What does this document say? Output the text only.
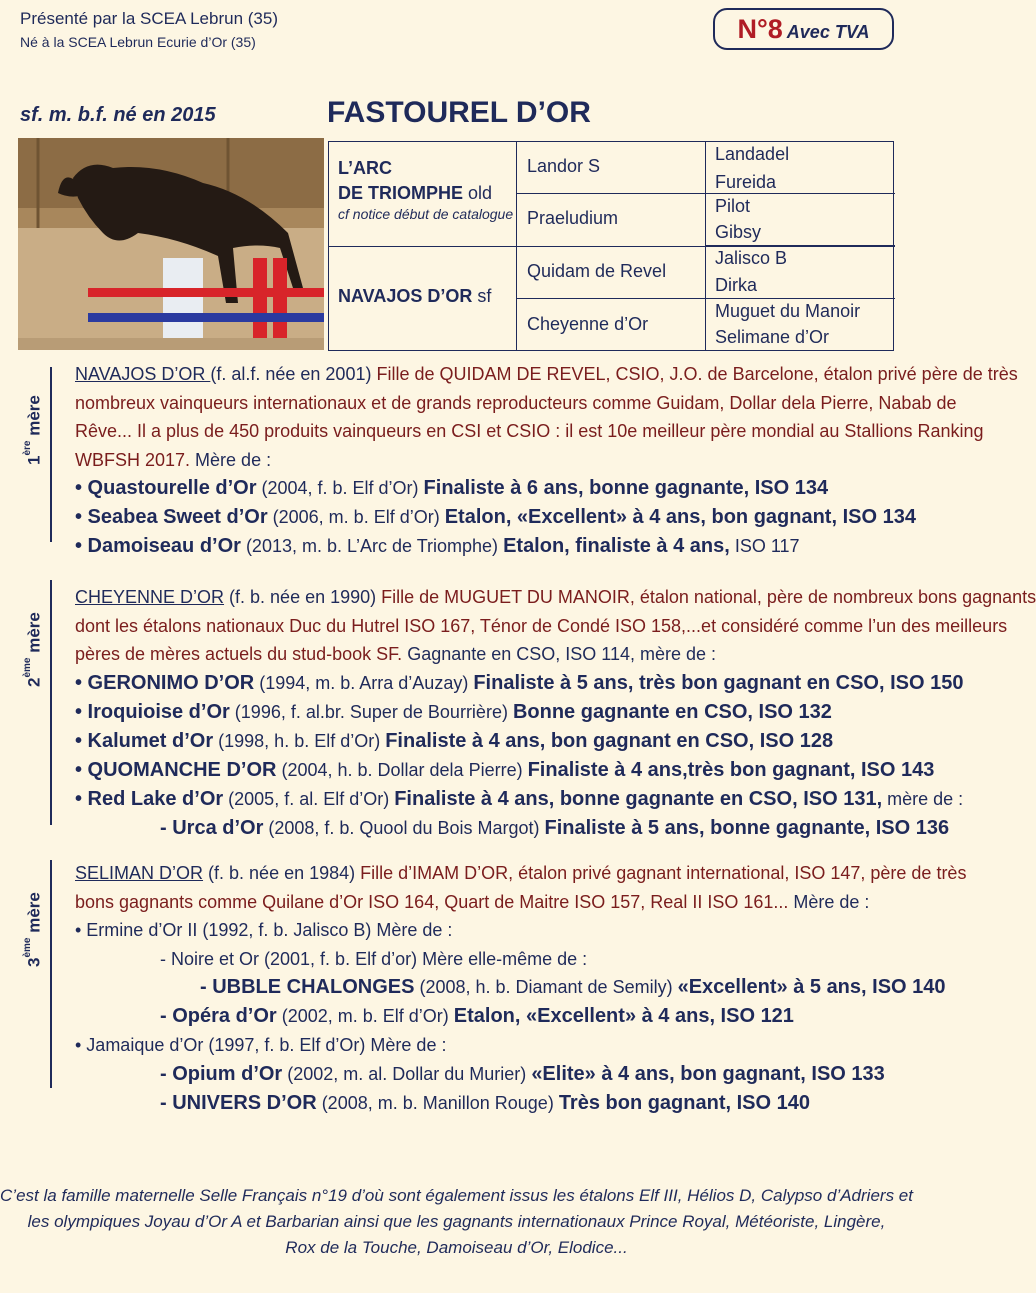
Présenté par la SCEA Lebrun (35)
Né à la SCEA Lebrun Ecurie d’Or (35)	N°8 Avec TVA
sf. m. b.f. né en 2015	FASTOUREL D’OR
L’ARC
DE TRIOMPHE old
cf notice début de catalogue
NAVAJOS D’OR sf
Landor S
Praeludium
Quidam de Revel
Cheyenne d’Or
Landadel
Fureida
Pilot
Gibsy
Jalisco B
Dirka
Muguet du Manoir
Selimane d’Or
1ère mère
NAVAJOS D’OR (f. al.f. née en 2001) Fille de QUIDAM DE REVEL, CSIO, J.O. de Barcelone, étalon privé père de très
nombreux vainqueurs internationaux et de grands reproducteurs comme Guidam, Dollar dela Pierre, Nabab de
Rêve... Il a plus de 450 produits vainqueurs en CSI et CSIO : il est 10e meilleur père mondial au Stallions Ranking
WBFSH 2017. Mère de :
• Quastourelle d’Or (2004, f. b. Elf d’Or) Finaliste à 6 ans, bonne gagnante, ISO 134
• Seabea Sweet d’Or (2006, m. b. Elf d’Or) Etalon, «Excellent» à 4 ans, bon gagnant, ISO 134
• Damoiseau d’Or (2013, m. b. L’Arc de Triomphe) Etalon, finaliste à 4 ans, ISO 117
2ème mère
CHEYENNE D’OR (f. b. née en 1990) Fille de MUGUET DU MANOIR, étalon national, père de nombreux bons gagnants
dont les étalons nationaux Duc du Hutrel ISO 167, Ténor de Condé ISO 158,...et considéré comme l’un des meilleurs
pères de mères actuels du stud-book SF. Gagnante en CSO, ISO 114, mère de :
• GERONIMO D’OR (1994, m. b. Arra d’Auzay) Finaliste à 5 ans, très bon gagnant en CSO, ISO 150
• Iroquioise d’Or (1996, f. al.br. Super de Bourrière) Bonne gagnante en CSO, ISO 132
• Kalumet d’Or (1998, h. b. Elf d’Or) Finaliste à 4 ans, bon gagnant en CSO, ISO 128
• QUOMANCHE D’OR (2004, h. b. Dollar dela Pierre) Finaliste à 4 ans,très bon gagnant, ISO 143
• Red Lake d’Or (2005, f. al. Elf d’Or) Finaliste à 4 ans, bonne gagnante en CSO, ISO 131, mère de :
- Urca d’Or (2008, f. b. Quool du Bois Margot) Finaliste à 5 ans, bonne gagnante, ISO 136
3ème mère
SELIMAN D’OR (f. b. née en 1984) Fille d’IMAM D’OR, étalon privé gagnant international, ISO 147, père de très
bons gagnants comme Quilane d’Or ISO 164, Quart de Maitre ISO 157, Real II ISO 161... Mère de :
• Ermine d’Or II (1992, f. b. Jalisco B) Mère de :
- Noire et Or (2001, f. b. Elf d’or) Mère elle-même de :
- UBBLE CHALONGES (2008, h. b. Diamant de Semily) «Excellent» à 5 ans, ISO 140
- Opéra d’Or (2002, m. b. Elf d’Or) Etalon, «Excellent» à 4 ans, ISO 121
• Jamaique d’Or (1997, f. b. Elf d’Or) Mère de :
- Opium d’Or (2002, m. al. Dollar du Murier) «Elite» à 4 ans, bon gagnant, ISO 133
- UNIVERS D’OR (2008, m. b. Manillon Rouge) Très bon gagnant, ISO 140
C’est la famille maternelle Selle Français n°19 d’où sont également issus les étalons Elf III, Hélios D, Calypso d’Adriers et
les olympiques Joyau d’Or A et Barbarian ainsi que les gagnants internationaux Prince Royal, Météoriste, Lingère,
Rox de la Touche, Damoiseau d’Or, Elodice...
